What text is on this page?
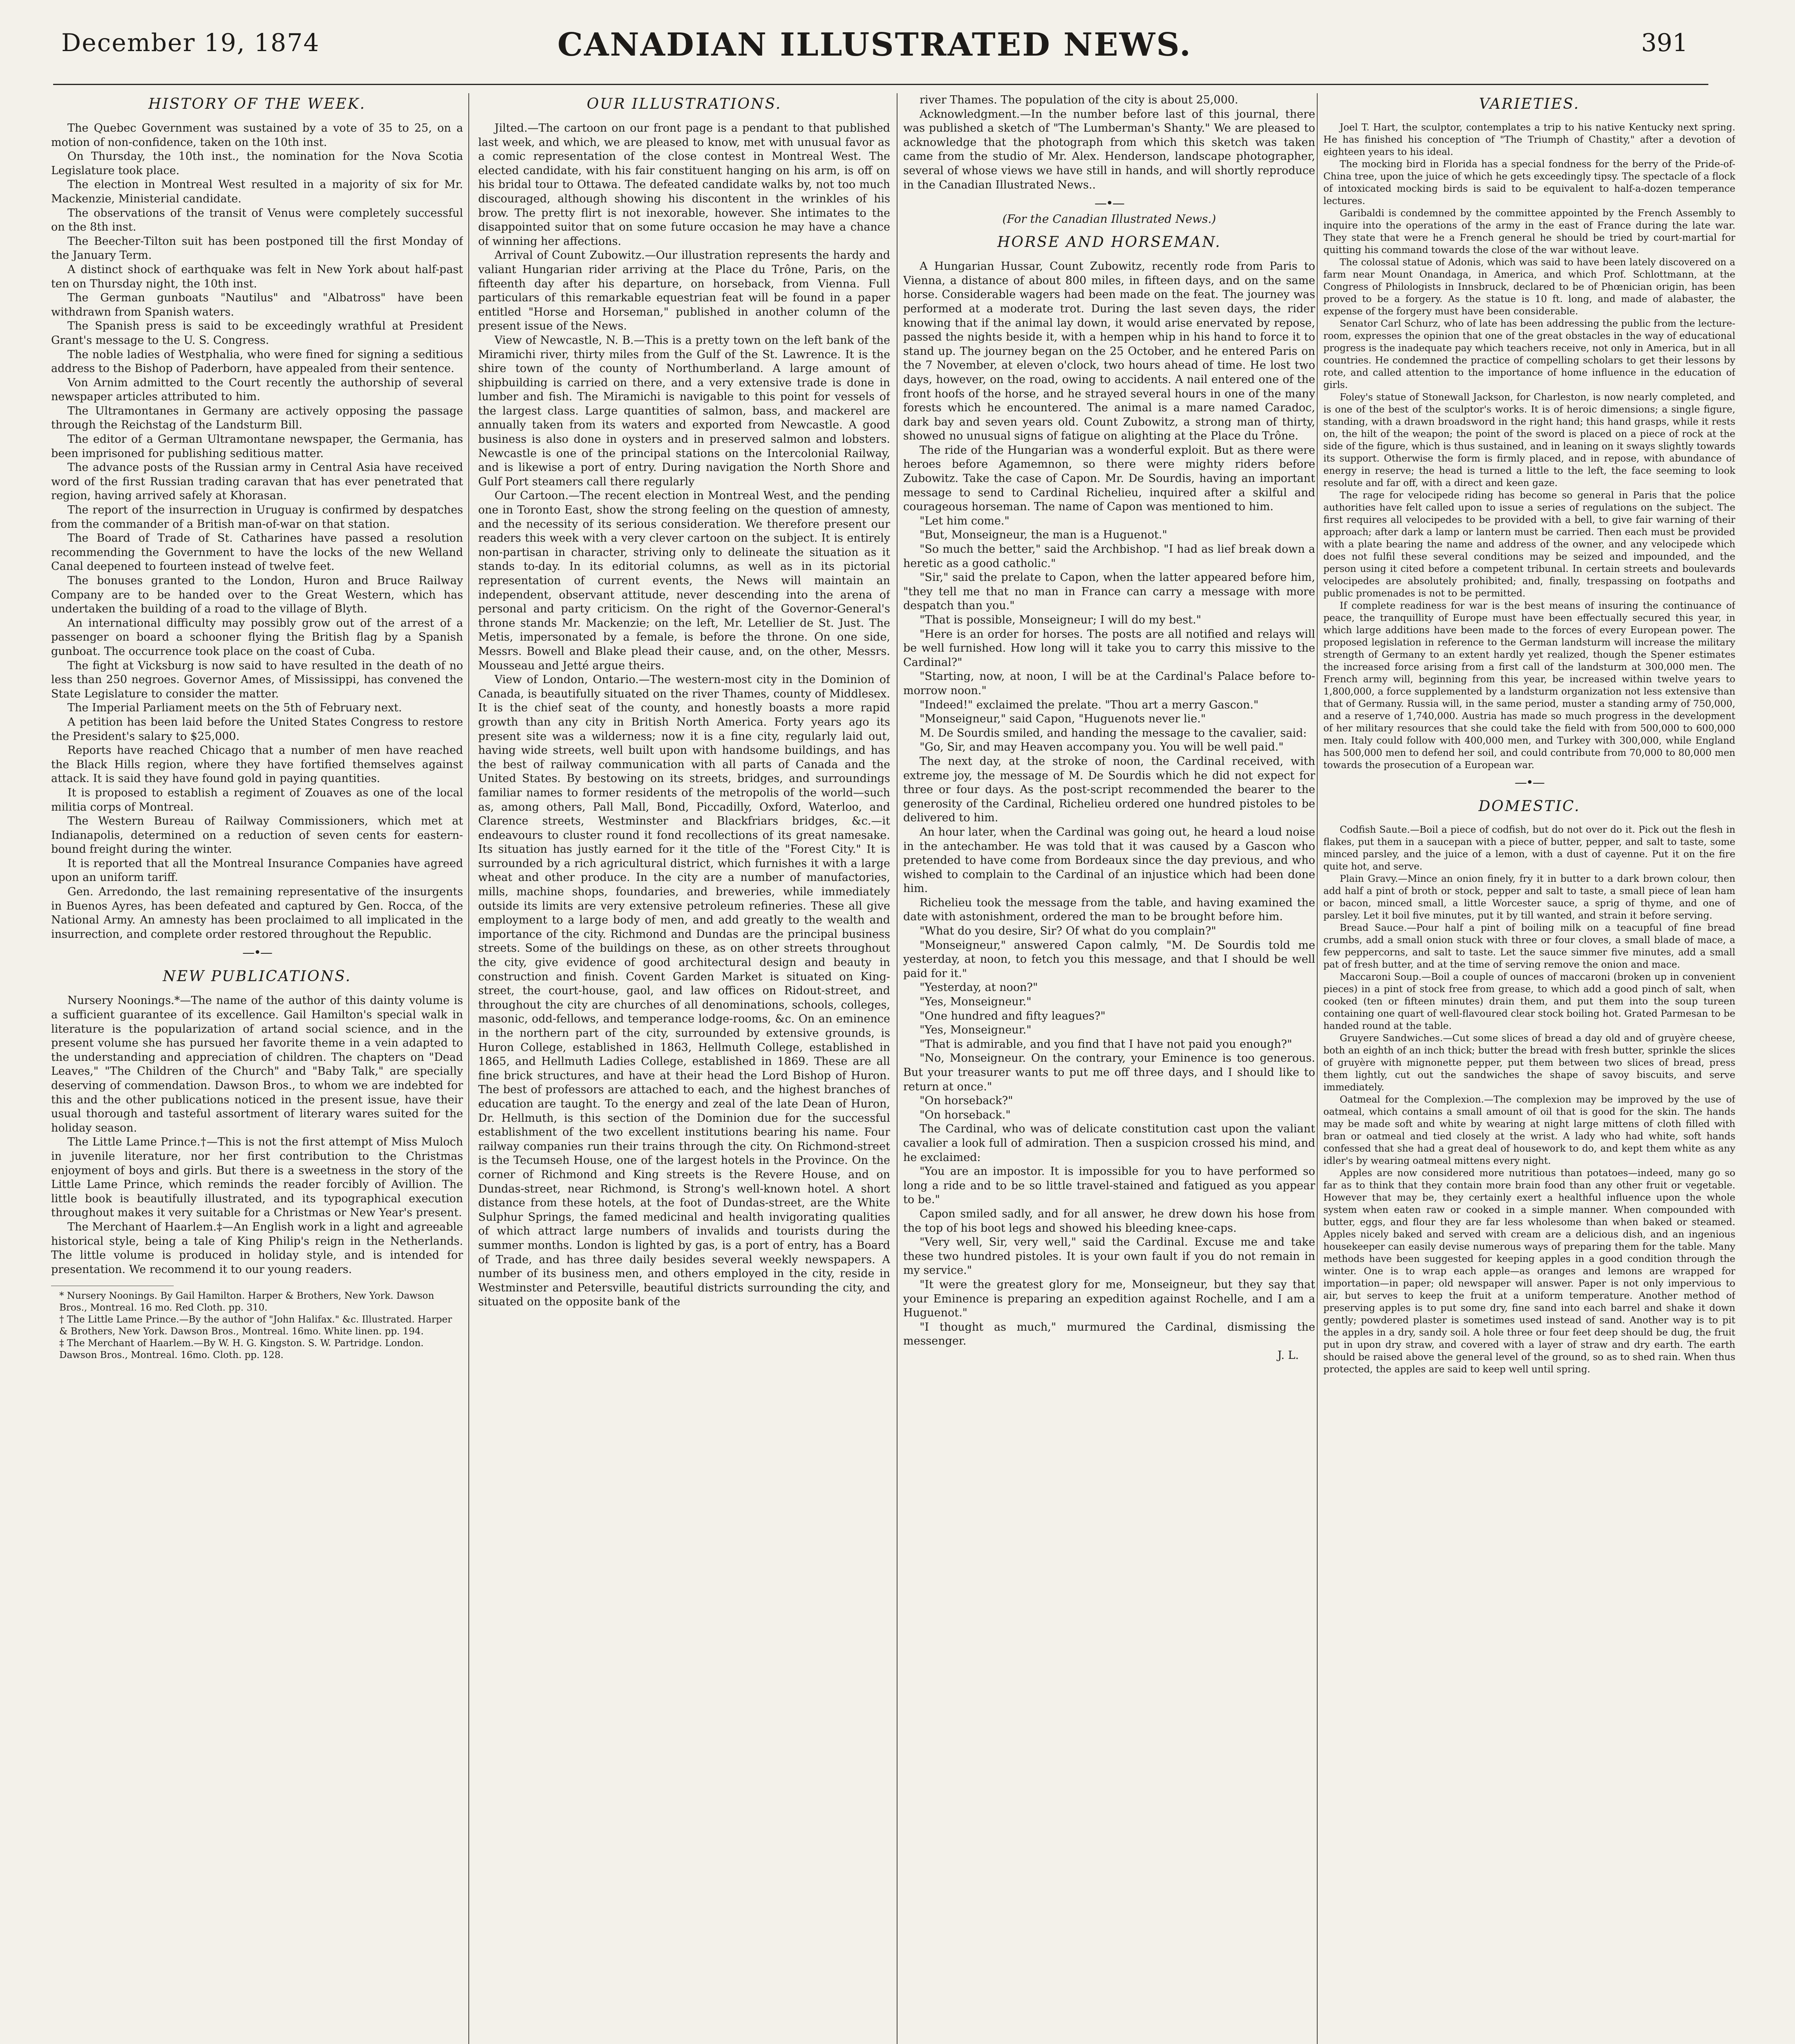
December 19, 1874	CANADIAN ILLUSTRATED NEWS.	391
HISTORY OF THE WEEK.

The Quebec Government was sustained by a vote of 35 to 25, on a motion of non-confidence, taken on the 10th inst.

On Thursday, the 10th inst., the nomination for the Nova Scotia Legislature took place.

The election in Montreal West resulted in a majority of six for Mr. Mackenzie, Ministerial candidate.

The observations of the transit of Venus were completely successful on the 8th inst.

The Beecher-Tilton suit has been postponed till the first Monday of the January Term.

A distinct shock of earthquake was felt in New York about half-past ten on Thursday night, the 10th inst.

The German gunboats "Nautilus" and "Albatross" have been withdrawn from Spanish waters.

The Spanish press is said to be exceedingly wrathful at President Grant's message to the U. S. Congress.

The noble ladies of Westphalia, who were fined for signing a seditious address to the Bishop of Paderborn, have appealed from their sentence.

Von Arnim admitted to the Court recently the authorship of several newspaper articles attributed to him.

The Ultramontanes in Germany are actively opposing the passage through the Reichstag of the Landsturm Bill.

The editor of a German Ultramontane newspaper, the Germania, has been imprisoned for publishing seditious matter.

The advance posts of the Russian army in Central Asia have received word of the first Russian trading caravan that has ever penetrated that region, having arrived safely at Khorasan.

The report of the insurrection in Uruguay is confirmed by despatches from the commander of a British man-of-war on that station.

The Board of Trade of St. Catharines have passed a resolution recommending the Government to have the locks of the new Welland Canal deepened to fourteen instead of twelve feet.

The bonuses granted to the London, Huron and Bruce Railway Company are to be handed over to the Great Western, which has undertaken the building of a road to the village of Blyth.

An international difficulty may possibly grow out of the arrest of a passenger on board a schooner flying the British flag by a Spanish gunboat. The occurrence took place on the coast of Cuba.

The fight at Vicksburg is now said to have resulted in the death of no less than 250 negroes. Governor Ames, of Mississippi, has convened the State Legislature to consider the matter.

The Imperial Parliament meets on the 5th of February next.

A petition has been laid before the United States Congress to restore the President's salary to $25,000.

Reports have reached Chicago that a number of men have reached the Black Hills region, where they have fortified themselves against attack. It is said they have found gold in paying quantities.

It is proposed to establish a regiment of Zouaves as one of the local militia corps of Montreal.

The Western Bureau of Railway Commissioners, which met at Indianapolis, determined on a reduction of seven cents for eastern-bound freight during the winter.

It is reported that all the Montreal Insurance Companies have agreed upon an uniform tariff.

Gen. Arredondo, the last remaining representative of the insurgents in Buenos Ayres, has been defeated and captured by Gen. Rocca, of the National Army. An amnesty has been proclaimed to all implicated in the insurrection, and complete order restored throughout the Republic.

—•—
NEW PUBLICATIONS.

Nursery Noonings.*—The name of the author of this dainty volume is a sufficient guarantee of its excellence. Gail Hamilton's special walk in literature is the popularization of artand social science, and in the present volume she has pursued her favorite theme in a vein adapted to the understanding and appreciation of children. The chapters on "Dead Leaves," "The Children of the Church" and "Baby Talk," are specially deserving of commendation. Dawson Bros., to whom we are indebted for this and the other publications noticed in the present issue, have their usual thorough and tasteful assortment of literary wares suited for the holiday season.

The Little Lame Prince.†—This is not the first attempt of Miss Muloch in juvenile literature, nor her first contribution to the Christmas enjoyment of boys and girls. But there is a sweetness in the story of the Little Lame Prince, which reminds the reader forcibly of Avillion. The little book is beautifully illustrated, and its typographical execution throughout makes it very suitable for a Christmas or New Year's present.

The Merchant of Haarlem.‡—An English work in a light and agreeable historical style, being a tale of King Philip's reign in the Netherlands. The little volume is produced in holiday style, and is intended for presentation. We recommend it to our young readers.

* Nursery Noonings. By Gail Hamilton. Harper & Brothers, New York. Dawson Bros., Montreal. 16 mo. Red Cloth. pp. 310.

† The Little Lame Prince.—By the author of "John Halifax." &c. Illustrated. Harper & Brothers, New York. Dawson Bros., Montreal. 16mo. White linen. pp. 194.

‡ The Merchant of Haarlem.—By W. H. G. Kingston. S. W. Partridge. London. Dawson Bros., Montreal. 16mo. Cloth. pp. 128.

OUR ILLUSTRATIONS.

Jilted.—The cartoon on our front page is a pendant to that published last week, and which, we are pleased to know, met with unusual favor as a comic representation of the close contest in Montreal West. The elected candidate, with his fair constituent hanging on his arm, is off on his bridal tour to Ottawa. The defeated candidate walks by, not too much discouraged, although showing his discontent in the wrinkles of his brow. The pretty flirt is not inexorable, however. She intimates to the disappointed suitor that on some future occasion he may have a chance of winning her affections.

Arrival of Count Zubowitz.—Our illustration represents the hardy and valiant Hungarian rider arriving at the Place du Trône, Paris, on the fifteenth day after his departure, on horseback, from Vienna. Full particulars of this remarkable equestrian feat will be found in a paper entitled "Horse and Horseman," published in another column of the present issue of the News.

View of Newcastle, N. B.—This is a pretty town on the left bank of the Miramichi river, thirty miles from the Gulf of the St. Lawrence. It is the shire town of the county of Northumberland. A large amount of shipbuilding is carried on there, and a very extensive trade is done in lumber and fish. The Miramichi is navigable to this point for vessels of the largest class. Large quantities of salmon, bass, and mackerel are annually taken from its waters and exported from Newcastle. A good business is also done in oysters and in preserved salmon and lobsters. Newcastle is one of the principal stations on the Intercolonial Railway, and is likewise a port of entry. During navigation the North Shore and Gulf Port steamers call there regularly

Our Cartoon.—The recent election in Montreal West, and the pending one in Toronto East, show the strong feeling on the question of amnesty, and the necessity of its serious consideration. We therefore present our readers this week with a very clever cartoon on the subject. It is entirely non-partisan in character, striving only to delineate the situation as it stands to-day. In its editorial columns, as well as in its pictorial representation of current events, the News will maintain an independent, observant attitude, never descending into the arena of personal and party criticism. On the right of the Governor-General's throne stands Mr. Mackenzie; on the left, Mr. Letellier de St. Just. The Metis, impersonated by a female, is before the throne. On one side, Messrs. Bowell and Blake plead their cause, and, on the other, Messrs. Mousseau and Jetté argue theirs.

View of London, Ontario.—The western-most city in the Dominion of Canada, is beautifully situated on the river Thames, county of Middlesex. It is the chief seat of the county, and honestly boasts a more rapid growth than any city in British North America. Forty years ago its present site was a wilderness; now it is a fine city, regularly laid out, having wide streets, well built upon with handsome buildings, and has the best of railway communication with all parts of Canada and the United States. By bestowing on its streets, bridges, and surroundings familiar names to former residents of the metropolis of the world—such as, among others, Pall Mall, Bond, Piccadilly, Oxford, Waterloo, and Clarence streets, Westminster and Blackfriars bridges, &c.—it endeavours to cluster round it fond recollections of its great namesake. Its situation has justly earned for it the title of the "Forest City." It is surrounded by a rich agricultural district, which furnishes it with a large wheat and other produce. In the city are a number of manufactories, mills, machine shops, foundaries, and breweries, while immediately outside its limits are very extensive petroleum refineries. These all give employment to a large body of men, and add greatly to the wealth and importance of the city. Richmond and Dundas are the principal business streets. Some of the buildings on these, as on other streets throughout the city, give evidence of good architectural design and beauty in construction and finish. Covent Garden Market is situated on King-street, the court-house, gaol, and law offices on Ridout-street, and throughout the city are churches of all denominations, schools, colleges, masonic, odd-fellows, and temperance lodge-rooms, &c. On an eminence in the northern part of the city, surrounded by extensive grounds, is Huron College, established in 1863, Hellmuth College, established in 1865, and Hellmuth Ladies College, established in 1869. These are all fine brick structures, and have at their head the Lord Bishop of Huron. The best of professors are attached to each, and the highest branches of education are taught. To the energy and zeal of the late Dean of Huron, Dr. Hellmuth, is this section of the Dominion due for the successful establishment of the two excellent institutions bearing his name. Four railway companies run their trains through the city. On Richmond-street is the Tecumseh House, one of the largest hotels in the Province. On the corner of Richmond and King streets is the Revere House, and on Dundas-street, near Richmond, is Strong's well-known hotel. A short distance from these hotels, at the foot of Dundas-street, are the White Sulphur Springs, the famed medicinal and health invigorating qualities of which attract large numbers of invalids and tourists during the summer months. London is lighted by gas, is a port of entry, has a Board of Trade, and has three daily besides several weekly newspapers. A number of its business men, and others employed in the city, reside in Westminster and Petersville, beautiful districts surrounding the city, and situated on the opposite bank of the

river Thames. The population of the city is about 25,000.

Acknowledgment.—In the number before last of this journal, there was published a sketch of "The Lumberman's Shanty." We are pleased to acknowledge that the photograph from which this sketch was taken came from the studio of Mr. Alex. Henderson, landscape photographer, several of whose views we have still in hands, and will shortly reproduce in the Canadian Illustrated News..

—•—
(For the Canadian Illustrated News.)
HORSE AND HORSEMAN.

A Hungarian Hussar, Count Zubowitz, recently rode from Paris to Vienna, a distance of about 800 miles, in fifteen days, and on the same horse. Considerable wagers had been made on the feat. The journey was performed at a moderate trot. During the last seven days, the rider knowing that if the animal lay down, it would arise enervated by repose, passed the nights beside it, with a hempen whip in his hand to force it to stand up. The journey began on the 25 October, and he entered Paris on the 7 November, at eleven o'clock, two hours ahead of time. He lost two days, however, on the road, owing to accidents. A nail entered one of the front hoofs of the horse, and he strayed several hours in one of the many forests which he encountered. The animal is a mare named Caradoc, dark bay and seven years old. Count Zubowitz, a strong man of thirty, showed no unusual signs of fatigue on alighting at the Place du Trône.

The ride of the Hungarian was a wonderful exploit. But as there were heroes before Agamemnon, so there were mighty riders before Zubowitz. Take the case of Capon. Mr. De Sourdis, having an important message to send to Cardinal Richelieu, inquired after a skilful and courageous horseman. The name of Capon was mentioned to him.

"Let him come."

"But, Monseigneur, the man is a Huguenot."

"So much the better," said the Archbishop. "I had as lief break down a heretic as a good catholic."

"Sir," said the prelate to Capon, when the latter appeared before him, "they tell me that no man in France can carry a message with more despatch than you."

"That is possible, Monseigneur; I will do my best."

"Here is an order for horses. The posts are all notified and relays will be well furnished. How long will it take you to carry this missive to the Cardinal?"

"Starting, now, at noon, I will be at the Cardinal's Palace before to-morrow noon."

"Indeed!" exclaimed the prelate. "Thou art a merry Gascon."

"Monseigneur," said Capon, "Huguenots never lie."

M. De Sourdis smiled, and handing the message to the cavalier, said:

"Go, Sir, and may Heaven accompany you. You will be well paid."

The next day, at the stroke of noon, the Cardinal received, with extreme joy, the message of M. De Sourdis which he did not expect for three or four days. As the post-script recommended the bearer to the generosity of the Cardinal, Richelieu ordered one hundred pistoles to be delivered to him.

An hour later, when the Cardinal was going out, he heard a loud noise in the antechamber. He was told that it was caused by a Gascon who pretended to have come from Bordeaux since the day previous, and who wished to complain to the Cardinal of an injustice which had been done him.

Richelieu took the message from the table, and having examined the date with astonishment, ordered the man to be brought before him.

"What do you desire, Sir? Of what do you complain?"

"Monseigneur," answered Capon calmly, "M. De Sourdis told me yesterday, at noon, to fetch you this message, and that I should be well paid for it."

"Yesterday, at noon?"

"Yes, Monseigneur."

"One hundred and fifty leagues?"

"Yes, Monseigneur."

"That is admirable, and you find that I have not paid you enough?"

"No, Monseigneur. On the contrary, your Eminence is too generous. But your treasurer wants to put me off three days, and I should like to return at once."

"On horseback?"

"On horseback."

The Cardinal, who was of delicate constitution cast upon the valiant cavalier a look full of admiration. Then a suspicion crossed his mind, and he exclaimed:

"You are an impostor. It is impossible for you to have performed so long a ride and to be so little travel-stained and fatigued as you appear to be."

Capon smiled sadly, and for all answer, he drew down his hose from the top of his boot legs and showed his bleeding knee-caps.

"Very well, Sir, very well," said the Cardinal. Excuse me and take these two hundred pistoles. It is your own fault if you do not remain in my service."

"It were the greatest glory for me, Monseigneur, but they say that your Eminence is preparing an expedition against Rochelle, and I am a Huguenot."

"I thought as much," murmured the Cardinal, dismissing the messenger.

J. L.

VARIETIES.

Joel T. Hart, the sculptor, contemplates a trip to his native Kentucky next spring. He has finished his conception of "The Triumph of Chastity," after a devotion of eighteen years to his ideal.

The mocking bird in Florida has a special fondness for the berry of the Pride-of-China tree, upon the juice of which he gets exceedingly tipsy. The spectacle of a flock of intoxicated mocking birds is said to be equivalent to half-a-dozen temperance lectures.

Garibaldi is condemned by the committee appointed by the French Assembly to inquire into the operations of the army in the east of France during the late war. They state that were he a French general he should be tried by court-martial for quitting his command towards the close of the war without leave.

The colossal statue of Adonis, which was said to have been lately discovered on a farm near Mount Onandaga, in America, and which Prof. Schlottmann, at the Congress of Philologists in Innsbruck, declared to be of Phœnician origin, has been proved to be a forgery. As the statue is 10 ft. long, and made of alabaster, the expense of the forgery must have been considerable.

Senator Carl Schurz, who of late has been addressing the public from the lecture-room, expresses the opinion that one of the great obstacles in the way of educational progress is the inadequate pay which teachers receive, not only in America, but in all countries. He condemned the practice of compelling scholars to get their lessons by rote, and called attention to the importance of home influence in the education of girls.

Foley's statue of Stonewall Jackson, for Charleston, is now nearly completed, and is one of the best of the sculptor's works. It is of heroic dimensions; a single figure, standing, with a drawn broadsword in the right hand; this hand grasps, while it rests on, the hilt of the weapon; the point of the sword is placed on a piece of rock at the side of the figure, which is thus sustained, and in leaning on it sways slightly towards its support. Otherwise the form is firmly placed, and in repose, with abundance of energy in reserve; the head is turned a little to the left, the face seeming to look resolute and far off, with a direct and keen gaze.

The rage for velocipede riding has become so general in Paris that the police authorities have felt called upon to issue a series of regulations on the subject. The first requires all velocipedes to be provided with a bell, to give fair warning of their approach; after dark a lamp or lantern must be carried. Then each must be provided with a plate bearing the name and address of the owner, and any velocipede which does not fulfil these several conditions may be seized and impounded, and the person using it cited before a competent tribunal. In certain streets and boulevards velocipedes are absolutely prohibited; and, finally, trespassing on footpaths and public promenades is not to be permitted.

If complete readiness for war is the best means of insuring the continuance of peace, the tranquillity of Europe must have been effectually secured this year, in which large additions have been made to the forces of every European power. The proposed legislation in reference to the German landsturm will increase the military strength of Germany to an extent hardly yet realized, though the Spener estimates the increased force arising from a first call of the landsturm at 300,000 men. The French army will, beginning from this year, be increased within twelve years to 1,800,000, a force supplemented by a landsturm organization not less extensive than that of Germany. Russia will, in the same period, muster a standing army of 750,000, and a reserve of 1,740,000. Austria has made so much progress in the development of her military resources that she could take the field with from 500,000 to 600,000 men. Italy could follow with 400,000 men, and Turkey with 300,000, while England has 500,000 men to defend her soil, and could contribute from 70,000 to 80,000 men towards the prosecution of a European war.

—•—
DOMESTIC.

Codfish Saute.—Boil a piece of codfish, but do not over do it. Pick out the flesh in flakes, put them in a saucepan with a piece of butter, pepper, and salt to taste, some minced parsley, and the juice of a lemon, with a dust of cayenne. Put it on the fire quite hot, and serve.

Plain Gravy.—Mince an onion finely, fry it in butter to a dark brown colour, then add half a pint of broth or stock, pepper and salt to taste, a small piece of lean ham or bacon, minced small, a little Worcester sauce, a sprig of thyme, and one of parsley. Let it boil five minutes, put it by till wanted, and strain it before serving.

Bread Sauce.—Pour half a pint of boiling milk on a teacupful of fine bread crumbs, add a small onion stuck with three or four cloves, a small blade of mace, a few peppercorns, and salt to taste. Let the sauce simmer five minutes, add a small pat of fresh butter, and at the time of serving remove the onion and mace.

Maccaroni Soup.—Boil a couple of ounces of maccaroni (broken up in convenient pieces) in a pint of stock free from grease, to which add a good pinch of salt, when cooked (ten or fifteen minutes) drain them, and put them into the soup tureen containing one quart of well-flavoured clear stock boiling hot. Grated Parmesan to be handed round at the table.

Gruyere Sandwiches.—Cut some slices of bread a day old and of gruyère cheese, both an eighth of an inch thick; butter the bread with fresh butter, sprinkle the slices of gruyère with mignonette pepper, put them between two slices of bread, press them lightly, cut out the sandwiches the shape of savoy biscuits, and serve immediately.

Oatmeal for the Complexion.—The complexion may be improved by the use of oatmeal, which contains a small amount of oil that is good for the skin. The hands may be made soft and white by wearing at night large mittens of cloth filled with bran or oatmeal and tied closely at the wrist. A lady who had white, soft hands confessed that she had a great deal of housework to do, and kept them white as any idler's by wearing oatmeal mittens every night.

Apples are now considered more nutritious than potatoes—indeed, many go so far as to think that they contain more brain food than any other fruit or vegetable. However that may be, they certainly exert a healthful influence upon the whole system when eaten raw or cooked in a simple manner. When compounded with butter, eggs, and flour they are far less wholesome than when baked or steamed. Apples nicely baked and served with cream are a delicious dish, and an ingenious housekeeper can easily devise numerous ways of preparing them for the table. Many methods have been suggested for keeping apples in a good condition through the winter. One is to wrap each apple—as oranges and lemons are wrapped for importation—in paper; old newspaper will answer. Paper is not only impervious to air, but serves to keep the fruit at a uniform temperature. Another method of preserving apples is to put some dry, fine sand into each barrel and shake it down gently; powdered plaster is sometimes used instead of sand. Another way is to pit the apples in a dry, sandy soil. A hole three or four feet deep should be dug, the fruit put in upon dry straw, and covered with a layer of straw and dry earth. The earth should be raised above the general level of the ground, so as to shed rain. When thus protected, the apples are said to keep well until spring.
